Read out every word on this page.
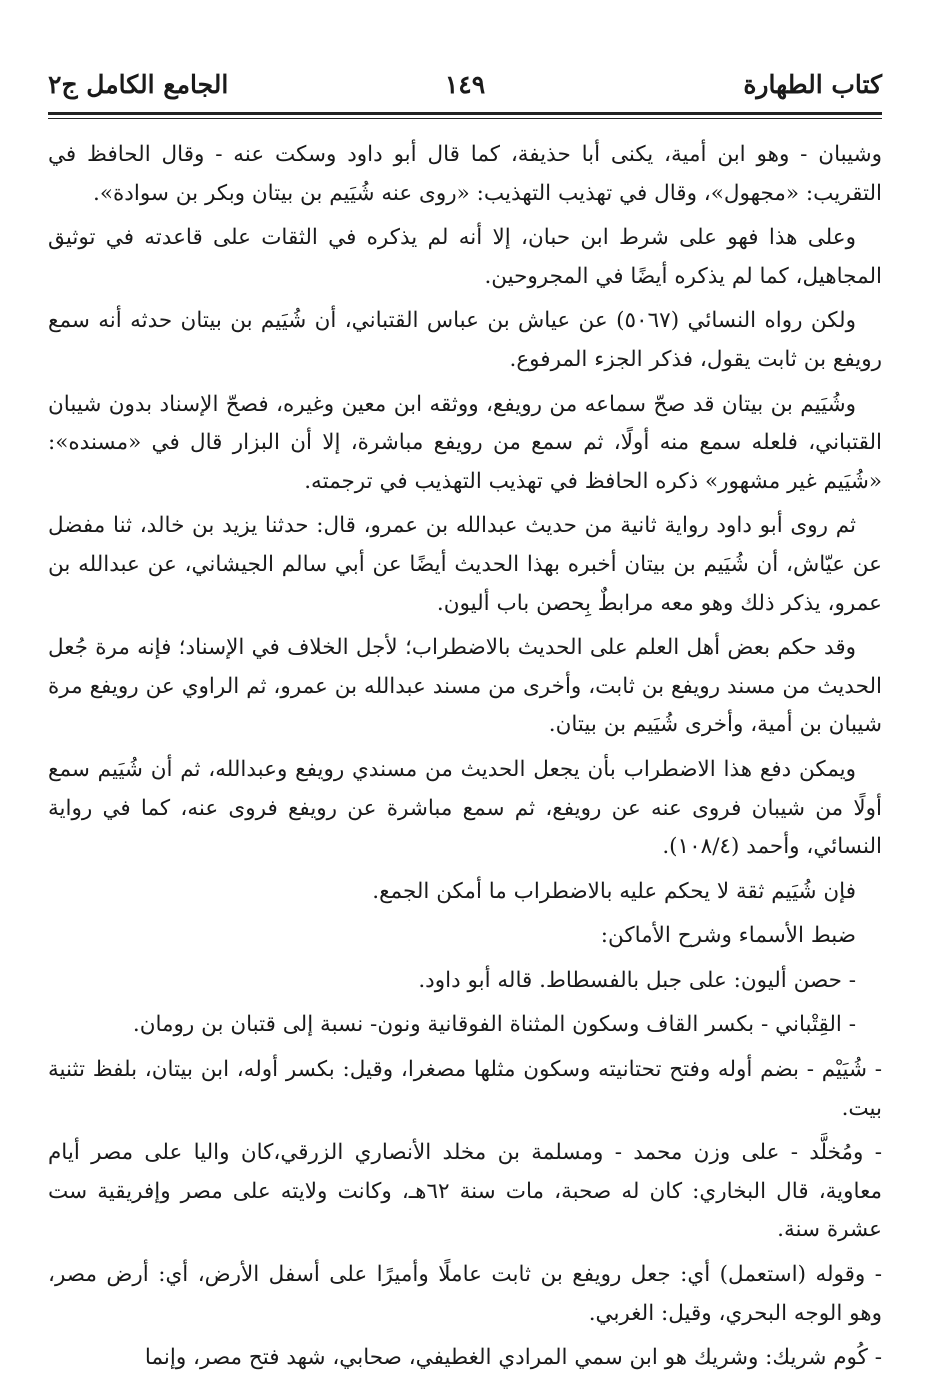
كتاب الطهارة
١٤٩
الجامع الكامل ج٢

وشيبان - وهو ابن أمية، يكنى أبا حذيفة، كما قال أبو داود وسكت عنه - وقال الحافظ في التقريب: «مجهول»، وقال في تهذيب التهذيب: «روى عنه شُيَيم بن بيتان وبكر بن سوادة».

وعلى هذا فهو على شرط ابن حبان، إلا أنه لم يذكره في الثقات على قاعدته في توثيق المجاهيل، كما لم يذكره أيضًا في المجروحين.

ولكن رواه النسائي (٥٠٦٧) عن عياش بن عباس القتباني، أن شُيَيم بن بيتان حدثه أنه سمع رويفع بن ثابت يقول، فذكر الجزء المرفوع.

وشُيَيم بن بيتان قد صحّ سماعه من رويفع، ووثقه ابن معين وغيره، فصحّ الإسناد بدون شيبان القتباني، فلعله سمع منه أولًا، ثم سمع من رويفع مباشرة، إلا أن البزار قال في «مسنده»: «شُيَيم غير مشهور» ذكره الحافظ في تهذيب التهذيب في ترجمته.

ثم روى أبو داود رواية ثانية من حديث عبدالله بن عمرو، قال: حدثنا يزيد بن خالد، ثنا مفضل عن عيّاش، أن شُيَيم بن بيتان أخبره بهذا الحديث أيضًا عن أبي سالم الجيشاني، عن عبدالله بن عمرو، يذكر ذلك وهو معه مرابطٌ بِحصن باب أليون.

وقد حكم بعض أهل العلم على الحديث بالاضطراب؛ لأجل الخلاف في الإسناد؛ فإنه مرة جُعل الحديث من مسند رويفع بن ثابت، وأخرى من مسند عبدالله بن عمرو، ثم الراوي عن رويفع مرة شيبان بن أمية، وأخرى شُيَيم بن بيتان.

ويمكن دفع هذا الاضطراب بأن يجعل الحديث من مسندي رويفع وعبدالله، ثم أن شُيَيم سمع أولًا من شيبان فروى عنه عن رويفع، ثم سمع مباشرة عن رويفع فروى عنه، كما في رواية النسائي، وأحمد (١٠٨/٤).

فإن شُيَيم ثقة لا يحكم عليه بالاضطراب ما أمكن الجمع.

ضبط الأسماء وشرح الأماكن:

- حصن أليون: على جبل بالفسطاط. قاله أبو داود.

- القِتْباني - بكسر القاف وسكون المثناة الفوقانية ونون- نسبة إلى قتبان بن رومان.

- شُيَيْم - بضم أوله وفتح تحتانيته وسكون مثلها مصغرا، وقيل: بكسر أوله، ابن بيتان، بلفظ تثنية بيت.

- ومُخلَّد - على وزن محمد - ومسلمة بن مخلد الأنصاري الزرقي،كان واليا على مصر أيام معاوية، قال البخاري: كان له صحبة، مات سنة ٦٢هـ، وكانت ولايته على مصر وإفريقية ست عشرة سنة.

- وقوله (استعمل) أي: جعل رويفع بن ثابت عاملًا وأميرًا على أسفل الأرض، أي: أرض مصر، وهو الوجه البحري، وقيل: الغربي.

- كُوم شريك: وشريك هو ابن سمي المرادي الغطيفي، صحابي، شهد فتح مصر، وإنما
